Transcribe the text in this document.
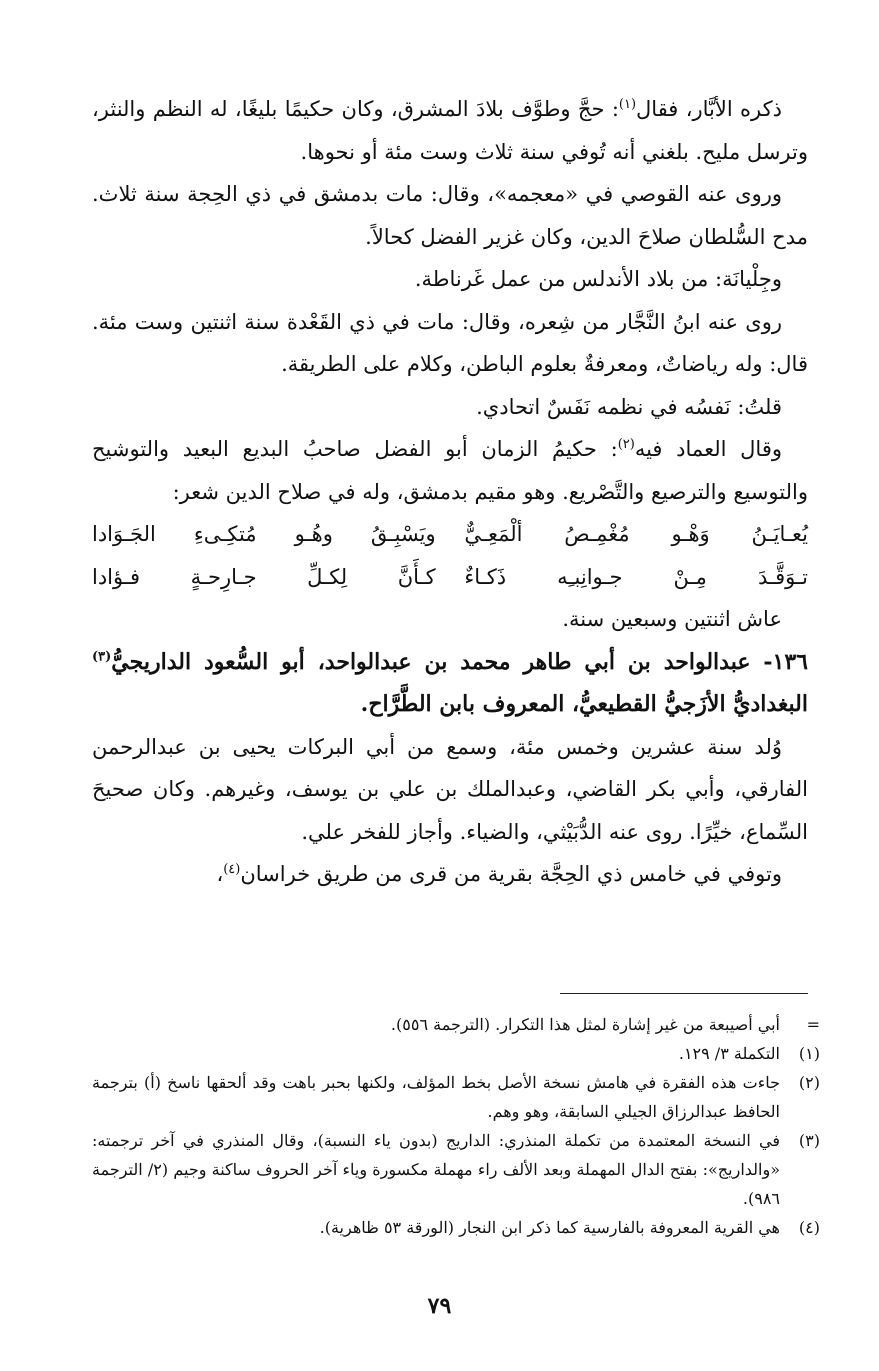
ذكره الأبَّار، فقال$^{(١)}$: حجَّ وطوَّف بلادَ المشرق، وكان حكيمًا بليغًا، له النظم والنثر، وترسل مليح. بلغني أنه تُوفي سنة ثلاث وست مئة أو نحوها.

وروى عنه القوصي في «معجمه»، وقال: مات بدمشق في ذي الحِجة سنة ثلاث. مدح السُّلطان صلاحَ الدين، وكان غزير الفضل كحالاً.

وجِلْيانَة: من بلاد الأندلس من عمل غَرناطة.

روى عنه ابنُ النَّجَّار من شِعره، وقال: مات في ذي القَعْدة سنة اثنتين وست مئة. قال: وله رياضاتٌ، ومعرفةٌ بعلوم الباطن، وكلام على الطريقة.

قلتُ: نَفسُه في نظمه نَفَسٌ اتحادي.

وقال العماد فيه$^{(٢)}$: حكيمُ الزمان أبو الفضل صاحبُ البديع البعيد والتوشيح والتوسيع والترصيع والتَّصْريع. وهو مقيم بدمشق، وله في صلاح الدين شعر:

يُعـايَـنُ وَهْـو مُغْمِـصُ ألْمَعِـيٌّ
ويَسْبِـقُ وهُـو مُتكِـىءِ الجَـوَادا
تـوَقَّـدَ مِـنْ جـوانِبـِه ذَكـاءٌ
كـأَنَّ لِكـلِّ جـارِحـةٍ فـؤادا

عاش اثنتين وسبعين سنة.

١٣٦- عبدالواحد بن أبي طاهر محمد بن عبدالواحد، أبو السُّعود الداريجيُّ$^{(٣)}$ البغداديُّ الأزَجيُّ القطيعيُّ، المعروف بابن الطَّرَّاح.

وُلد سنة عشرين وخمس مئة، وسمع من أبي البركات يحيى بن عبدالرحمن الفارقي، وأبي بكر القاضي، وعبدالملك بن علي بن يوسف، وغيرهم. وكان صحيحَ السِّماع، خيِّرًا. روى عنه الدُّبَيْثي، والضياء. وأجاز للفخر علي.

وتوفي في خامس ذي الحِجَّة بقرية من قرى من طريق خراسان$^{(٤)}$،

=
أبي أصيبعة من غير إشارة لمثل هذا التكرار. (الترجمة ٥٥٦).
(١)
التكملة ٣/ ١٢٩.
(٢)
جاءت هذه الفقرة في هامش نسخة الأصل بخط المؤلف، ولكنها بحبر باهت وقد ألحقها ناسخ (أ) بترجمة الحافظ عبدالرزاق الجيلي السابقة، وهو وهم.
(٣)
في النسخة المعتمدة من تكملة المنذري: الداريج (بدون ياء النسبة)، وقال المنذري في آخر ترجمته: «والداريج»: بفتح الدال المهملة وبعد الألف راء مهملة مكسورة وياء آخر الحروف ساكنة وجيم (٢/ الترجمة ٩٨٦).
(٤)
هي القرية المعروفة بالفارسية كما ذكر ابن النجار (الورقة ٥٣ ظاهرية).
٧٩
